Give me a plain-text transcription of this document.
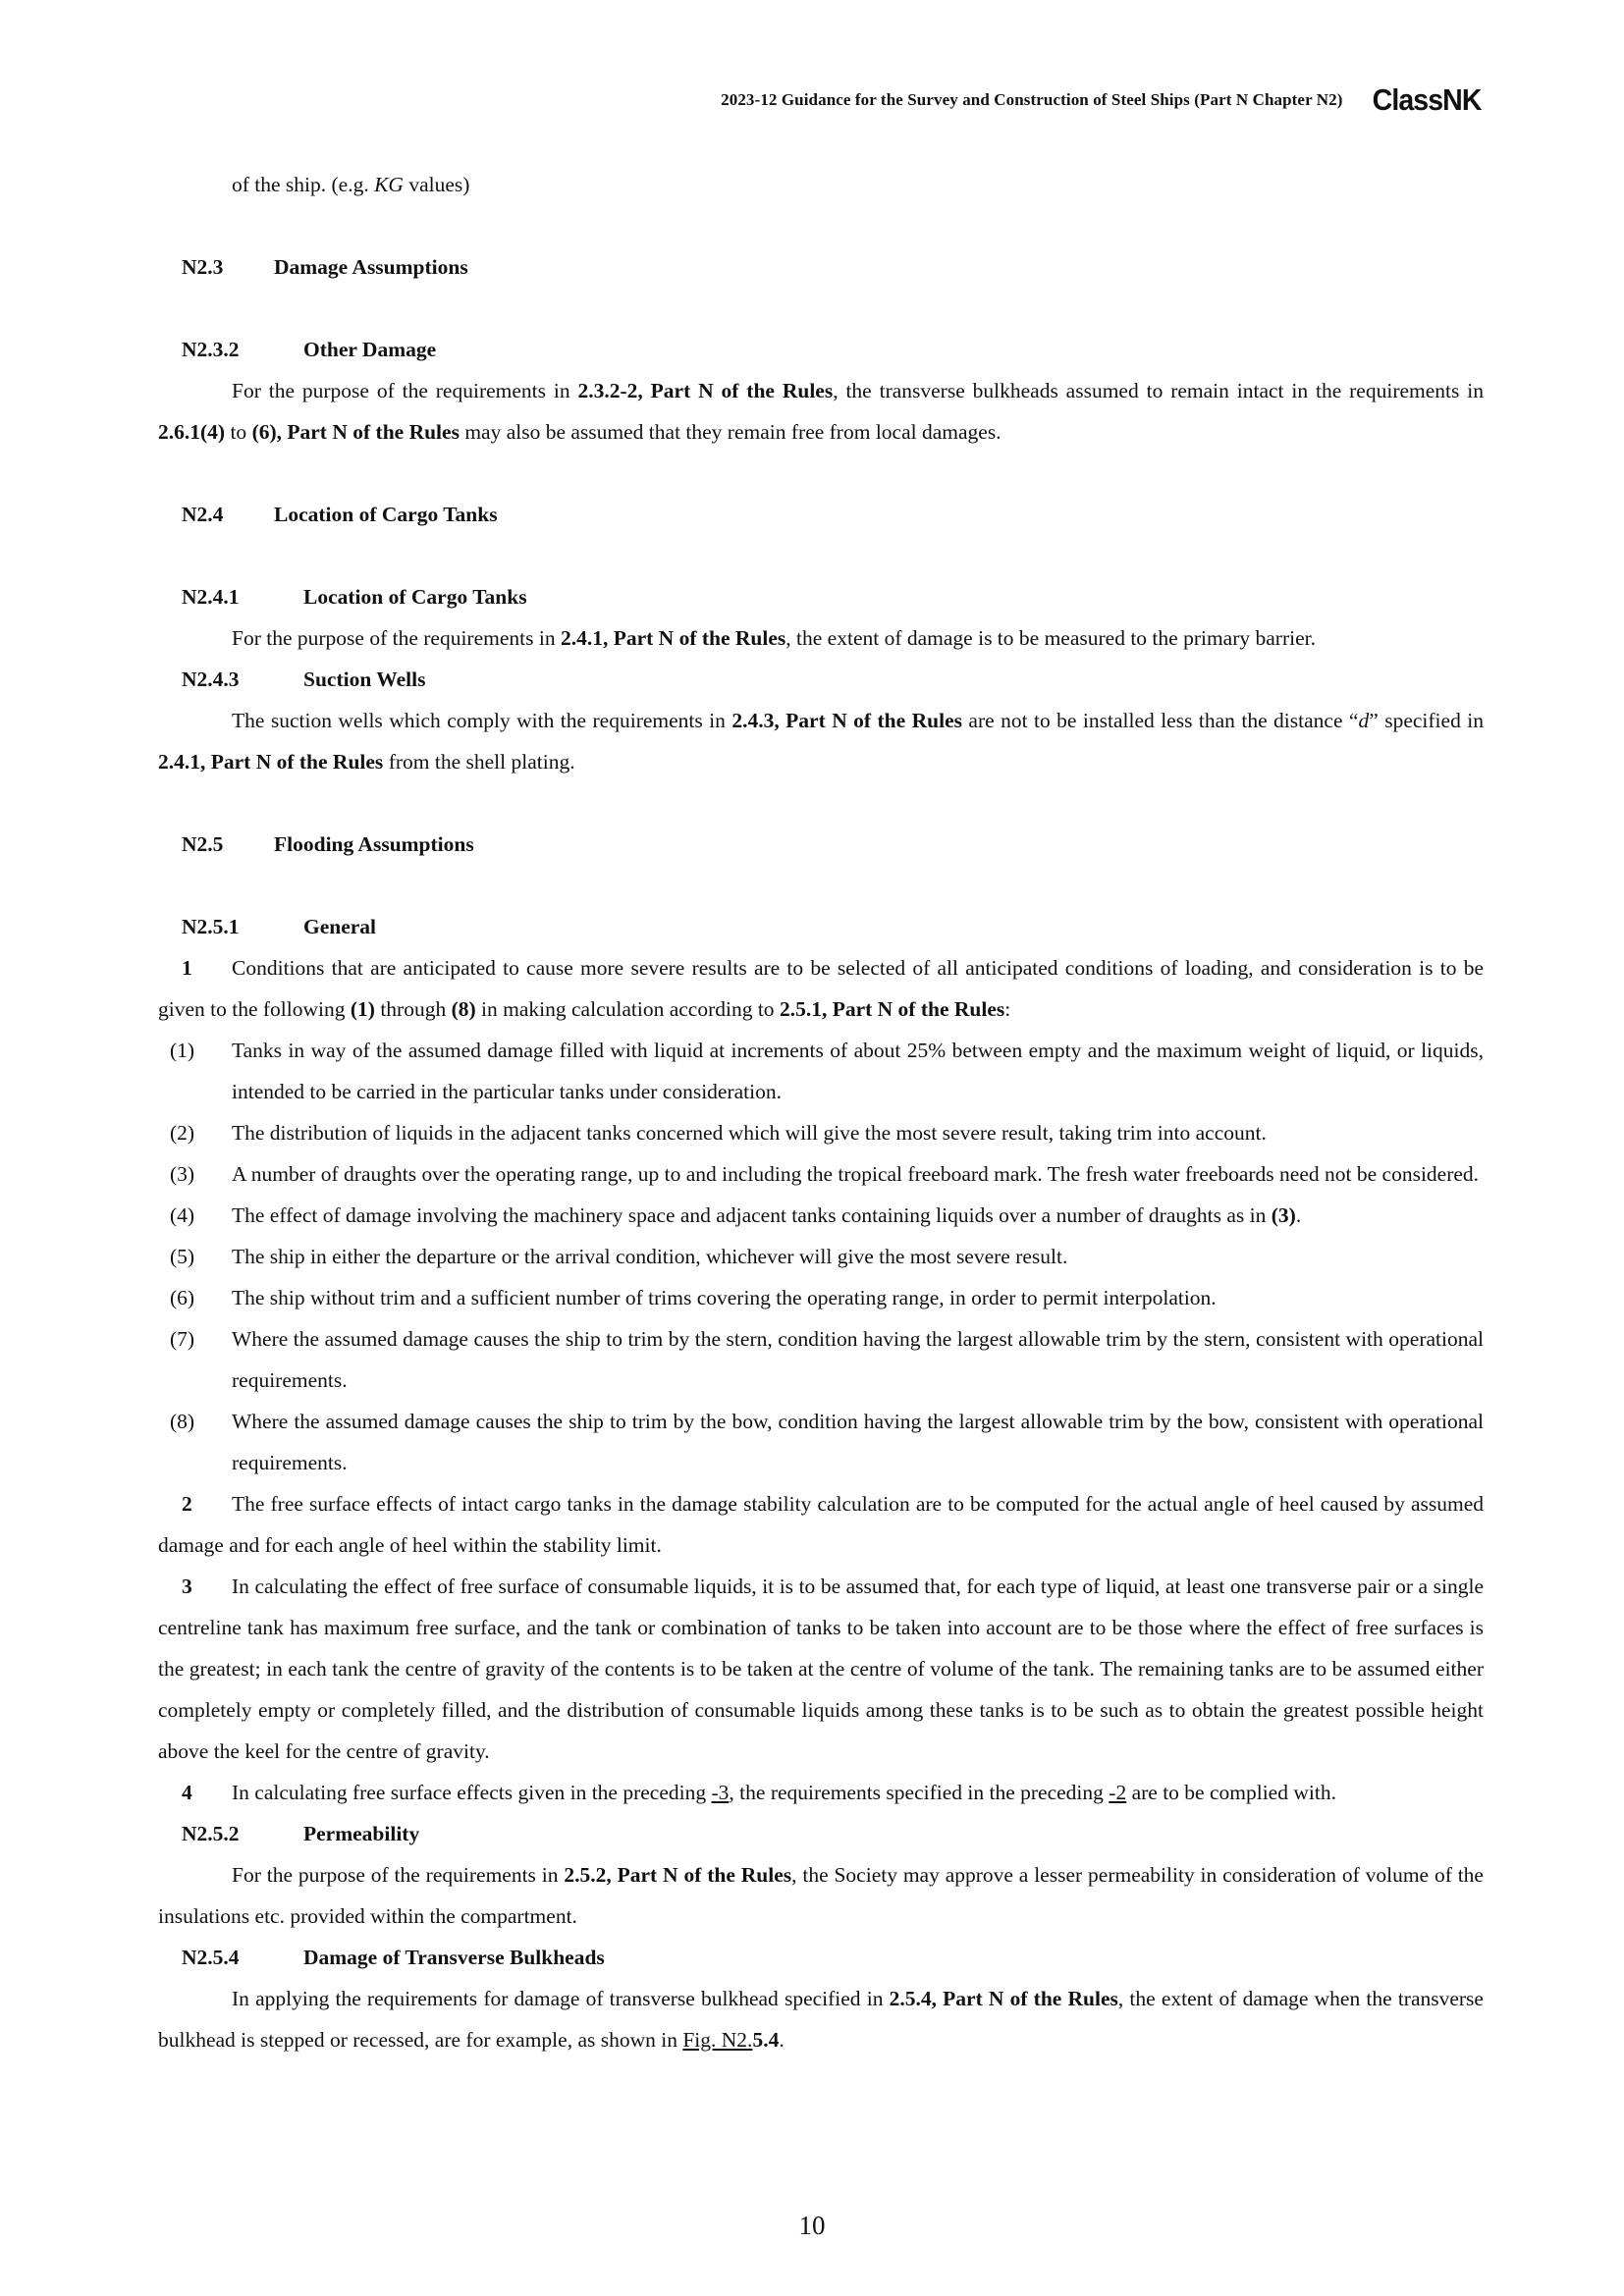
2023-12 Guidance for the Survey and Construction of Steel Ships (Part N Chapter N2) ClassNK

of the ship. (e.g. KG values)

N2.3	Damage Assumptions
N2.3.2	Other Damage

For the purpose of the requirements in 2.3.2-2, Part N of the Rules, the transverse bulkheads assumed to remain intact in the requirements in 2.6.1(4) to (6), Part N of the Rules may also be assumed that they remain free from local damages.

N2.4	Location of Cargo Tanks
N2.4.1	Location of Cargo Tanks

For the purpose of the requirements in 2.4.1, Part N of the Rules, the extent of damage is to be measured to the primary barrier.

N2.4.3	Suction Wells

The suction wells which comply with the requirements in 2.4.3, Part N of the Rules are not to be installed less than the distance “d” specified in 2.4.1, Part N of the Rules from the shell plating.

N2.5	Flooding Assumptions
N2.5.1	General

1 Conditions that are anticipated to cause more severe results are to be selected of all anticipated conditions of loading, and consideration is to be given to the following (1) through (8) in making calculation according to 2.5.1, Part N of the Rules:

(1)	Tanks in way of the assumed damage filled with liquid at increments of about 25% between empty and the maximum weight of liquid, or liquids, intended to be carried in the particular tanks under consideration.
(2)	The distribution of liquids in the adjacent tanks concerned which will give the most severe result, taking trim into account.
(3)	A number of draughts over the operating range, up to and including the tropical freeboard mark. The fresh water freeboards need not be considered.
(4)	The effect of damage involving the machinery space and adjacent tanks containing liquids over a number of draughts as in (3).
(5)	The ship in either the departure or the arrival condition, whichever will give the most severe result.
(6)	The ship without trim and a sufficient number of trims covering the operating range, in order to permit interpolation.
(7)	Where the assumed damage causes the ship to trim by the stern, condition having the largest allowable trim by the stern, consistent with operational requirements.
(8)	Where the assumed damage causes the ship to trim by the bow, condition having the largest allowable trim by the bow, consistent with operational requirements.

2 The free surface effects of intact cargo tanks in the damage stability calculation are to be computed for the actual angle of heel caused by assumed damage and for each angle of heel within the stability limit.

3 In calculating the effect of free surface of consumable liquids, it is to be assumed that, for each type of liquid, at least one transverse pair or a single centreline tank has maximum free surface, and the tank or combination of tanks to be taken into account are to be those where the effect of free surfaces is the greatest; in each tank the centre of gravity of the contents is to be taken at the centre of volume of the tank. The remaining tanks are to be assumed either completely empty or completely filled, and the distribution of consumable liquids among these tanks is to be such as to obtain the greatest possible height above the keel for the centre of gravity.

4 In calculating free surface effects given in the preceding -3, the requirements specified in the preceding -2 are to be complied with.

N2.5.2	Permeability

For the purpose of the requirements in 2.5.2, Part N of the Rules, the Society may approve a lesser permeability in consideration of volume of the insulations etc. provided within the compartment.

N2.5.4	Damage of Transverse Bulkheads

In applying the requirements for damage of transverse bulkhead specified in 2.5.4, Part N of the Rules, the extent of damage when the transverse bulkhead is stepped or recessed, are for example, as shown in Fig. N2.5.4.

10
